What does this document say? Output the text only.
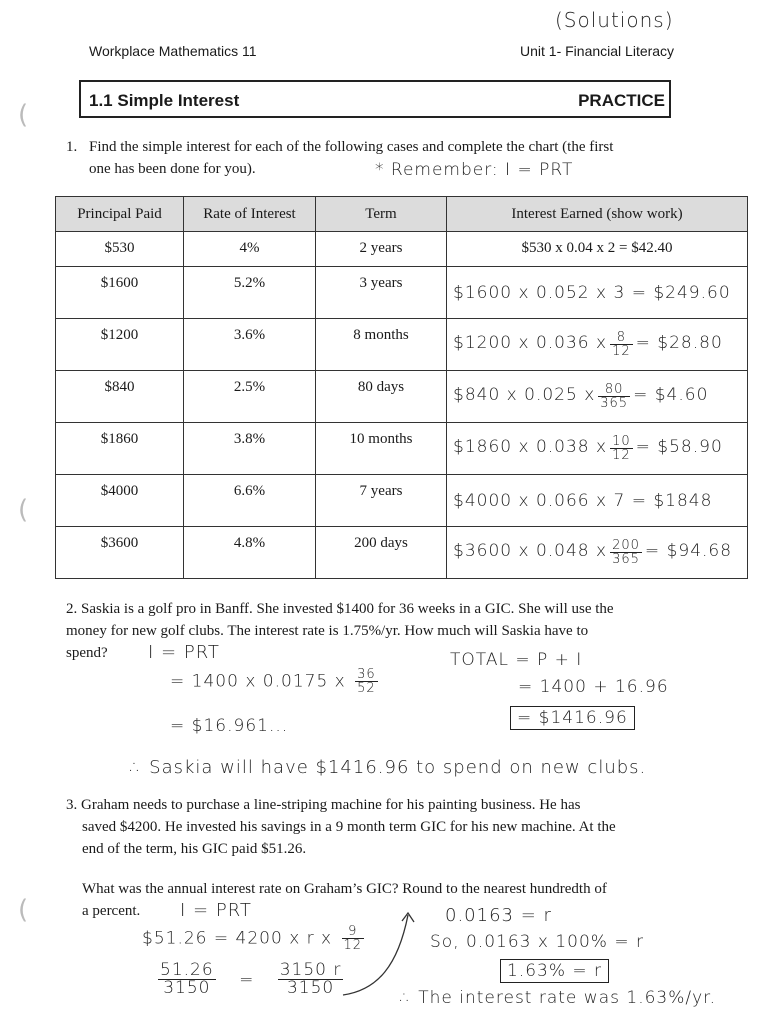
(
(
(
(Solutions)
Workplace Mathematics 11	Unit 1- Financial Literacy
1.1 Simple Interest	PRACTICE
1. Find the simple interest for each of the following cases and complete the chart (the first
one has been done for you).	* Remember: I = PRT
Principal Paid	Rate of Interest	Term	Interest Earned (show work)
$530	4%	2 years	$530 x 0.04 x 2 = $42.40
$1600	5.2%	3 years	$1600 x 0.052 x 3 = $249.60
$1200	3.6%	8 months	$1200 x 0.036 x $\frac{8}{12}$ = $28.80
$840	2.5%	80 days	$840 x 0.025 x $\frac{80}{365}$ = $4.60
$1860	3.8%	10 months	$1860 x 0.038 x $\frac{10}{12}$ = $58.90
$4000	6.6%	7 years	$4000 x 0.066 x 7 = $1848
$3600	4.8%	200 days	$3600 x 0.048 x $\frac{200}{365}$ = $94.68
2. Saskia is a golf pro in Banff. She invested $1400 for 36 weeks in a GIC. She will use the
money for new golf clubs. The interest rate is 1.75%/yr. How much will Saskia have to
spend? I = PRT
= 1400 x 0.0175 x $\frac{36}{52}$
= $16.961...
TOTAL = P + I
= 1400 + 16.96
= $1416.96
∴ Saskia will have $1416.96 to spend on new clubs.
3. Graham needs to purchase a line-striping machine for his painting business. He has
saved $4200. He invested his savings in a 9 month term GIC for his new machine. At the
end of the term, his GIC paid $51.26.
What was the annual interest rate on Graham’s GIC? Round to the nearest hundredth of
a percent. I = PRT
$51.26 = 4200 x r x $\frac{9}{12}$
$\frac{51.26}{3150} = \frac{3150 r}{3150}$
0.0163 = r
So, 0.0163 x 100% = r
1.63% = r
∴ The interest rate was 1.63%/yr.
